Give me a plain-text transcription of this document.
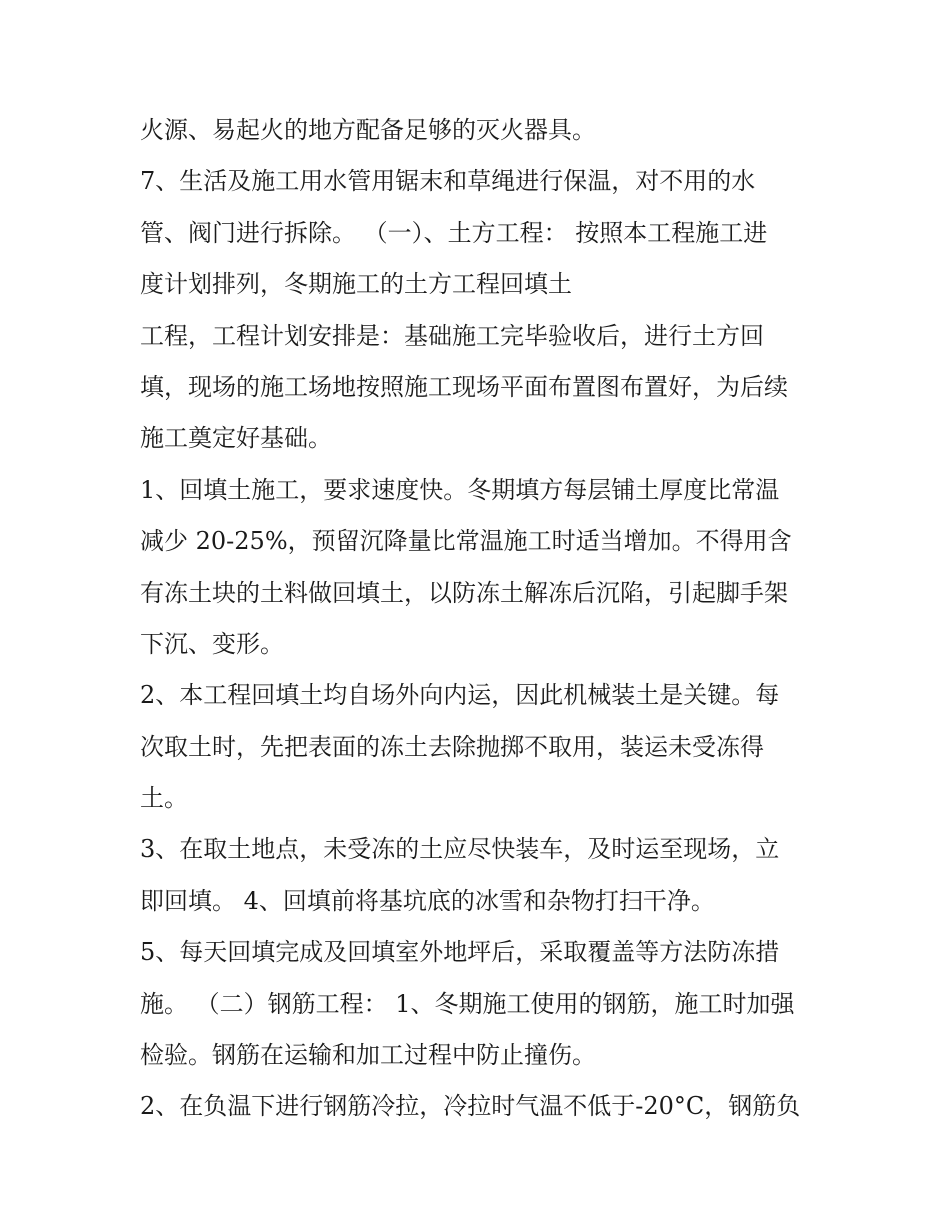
火源、易起火的地方配备足够的灭火器具。
7、生活及施工用水管用锯末和草绳进行保温，对不用的水
管、阀门进行拆除。 （一）、土方工程： 按照本工程施工进
度计划排列，冬期施工的土方工程回填土
工程，工程计划安排是：基础施工完毕验收后，进行土方回
填，现场的施工场地按照施工现场平面布置图布置好，为后续
施工奠定好基础。
1、回填土施工，要求速度快。冬期填方每层铺土厚度比常温
减少 20-25%，预留沉降量比常温施工时适当增加。不得用含
有冻土块的土料做回填土，以防冻土解冻后沉陷，引起脚手架
下沉、变形。
2、本工程回填土均自场外向内运，因此机械装土是关键。每
次取土时，先把表面的冻土去除抛掷不取用，装运未受冻得
土。
3、在取土地点，未受冻的土应尽快装车，及时运至现场，立
即回填。 4、回填前将基坑底的冰雪和杂物打扫干净。
5、每天回填完成及回填室外地坪后，采取覆盖等方法防冻措
施。 （二）钢筋工程： 1、冬期施工使用的钢筋，施工时加强
检验。钢筋在运输和加工过程中防止撞伤。
2、在负温下进行钢筋冷拉，冷拉时气温不低于-20°C，钢筋负
